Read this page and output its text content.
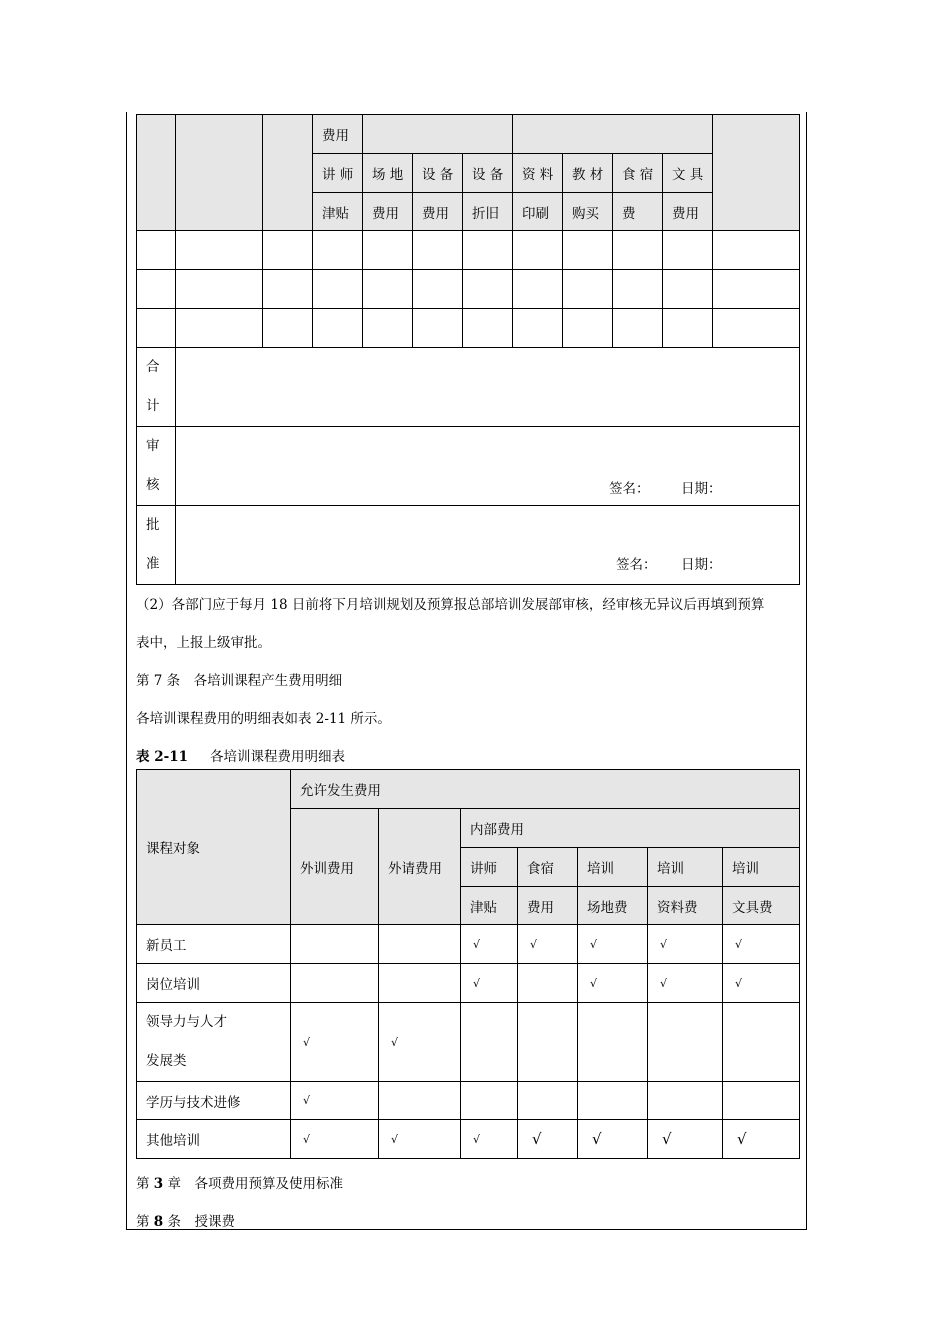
			费用								
			讲 师	场 地	设 备	设 备	资 料	教 材	食 宿	文 具	
			津贴	费用	费用	折旧	印刷	购买	费	费用	

合
计											

审
核											

批
准											

签名： 日期：
签名： 日期：
（2）各部门应于每月 18 日前将下月培训规划及预算报总部培训发展部审核，经审核无异议后再填到预算
表中，上报上级审批。
第 7 条　各培训课程产生费用明细
各培训课程费用的明细表如表 2-11 所示。
表 2-11 各培训课程费用明细表
课程对象	允许发生费用						
	外训费用	外请费用	内部费用				
			讲师	食宿	培训	培训	培训
			津贴	费用	场地费	资料费	文具费
新员工			√	√	√	√	√
岗位培训			√		√	√	√

领导力与人才
发展类	√	√					
学历与技术进修	√						
其他培训	√	√	√	√	√	√	√
第 3 章　各项费用预算及使用标准
第 8 条　授课费
